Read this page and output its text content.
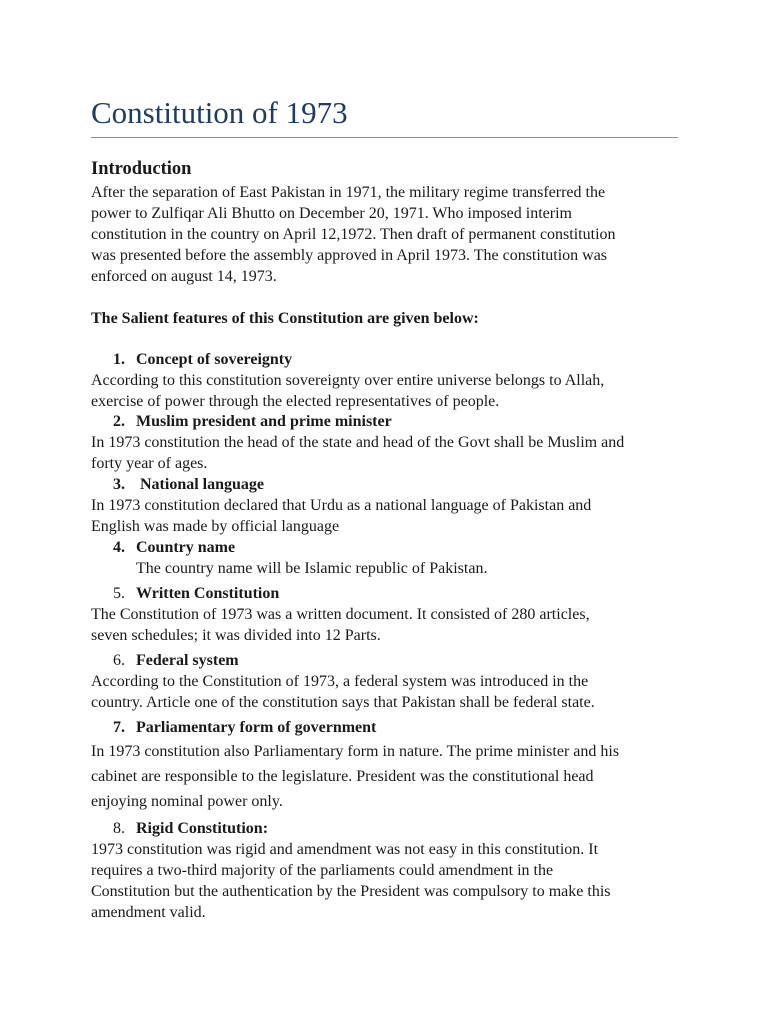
Constitution of 1973
Introduction
After the separation of East Pakistan in 1971, the military regime transferred the
power to Zulfiqar Ali Bhutto on December 20, 1971. Who imposed interim
constitution in the country on April 12,1972. Then draft of permanent constitution
was presented before the assembly approved in April 1973. The constitution was
enforced on august 14, 1973.
The Salient features of this Constitution are given below:
1. Concept of sovereignty
According to this constitution sovereignty over entire universe belongs to Allah,
exercise of power through the elected representatives of people.
2. Muslim president and prime minister
In 1973 constitution the head of the state and head of the Govt shall be Muslim and
forty year of ages.
3. National language
In 1973 constitution declared that Urdu as a national language of Pakistan and
English was made by official language
4. Country name
The country name will be Islamic republic of Pakistan.
5. Written Constitution
The Constitution of 1973 was a written document. It consisted of 280 articles,
seven schedules; it was divided into 12 Parts.
6. Federal system
According to the Constitution of 1973, a federal system was introduced in the
country. Article one of the constitution says that Pakistan shall be federal state.
7. Parliamentary form of government
In 1973 constitution also Parliamentary form in nature. The prime minister and his
cabinet are responsible to the legislature. President was the constitutional head
enjoying nominal power only.
8. Rigid Constitution:
1973 constitution was rigid and amendment was not easy in this constitution. It
requires a two-third majority of the parliaments could amendment in the
Constitution but the authentication by the President was compulsory to make this
amendment valid.
